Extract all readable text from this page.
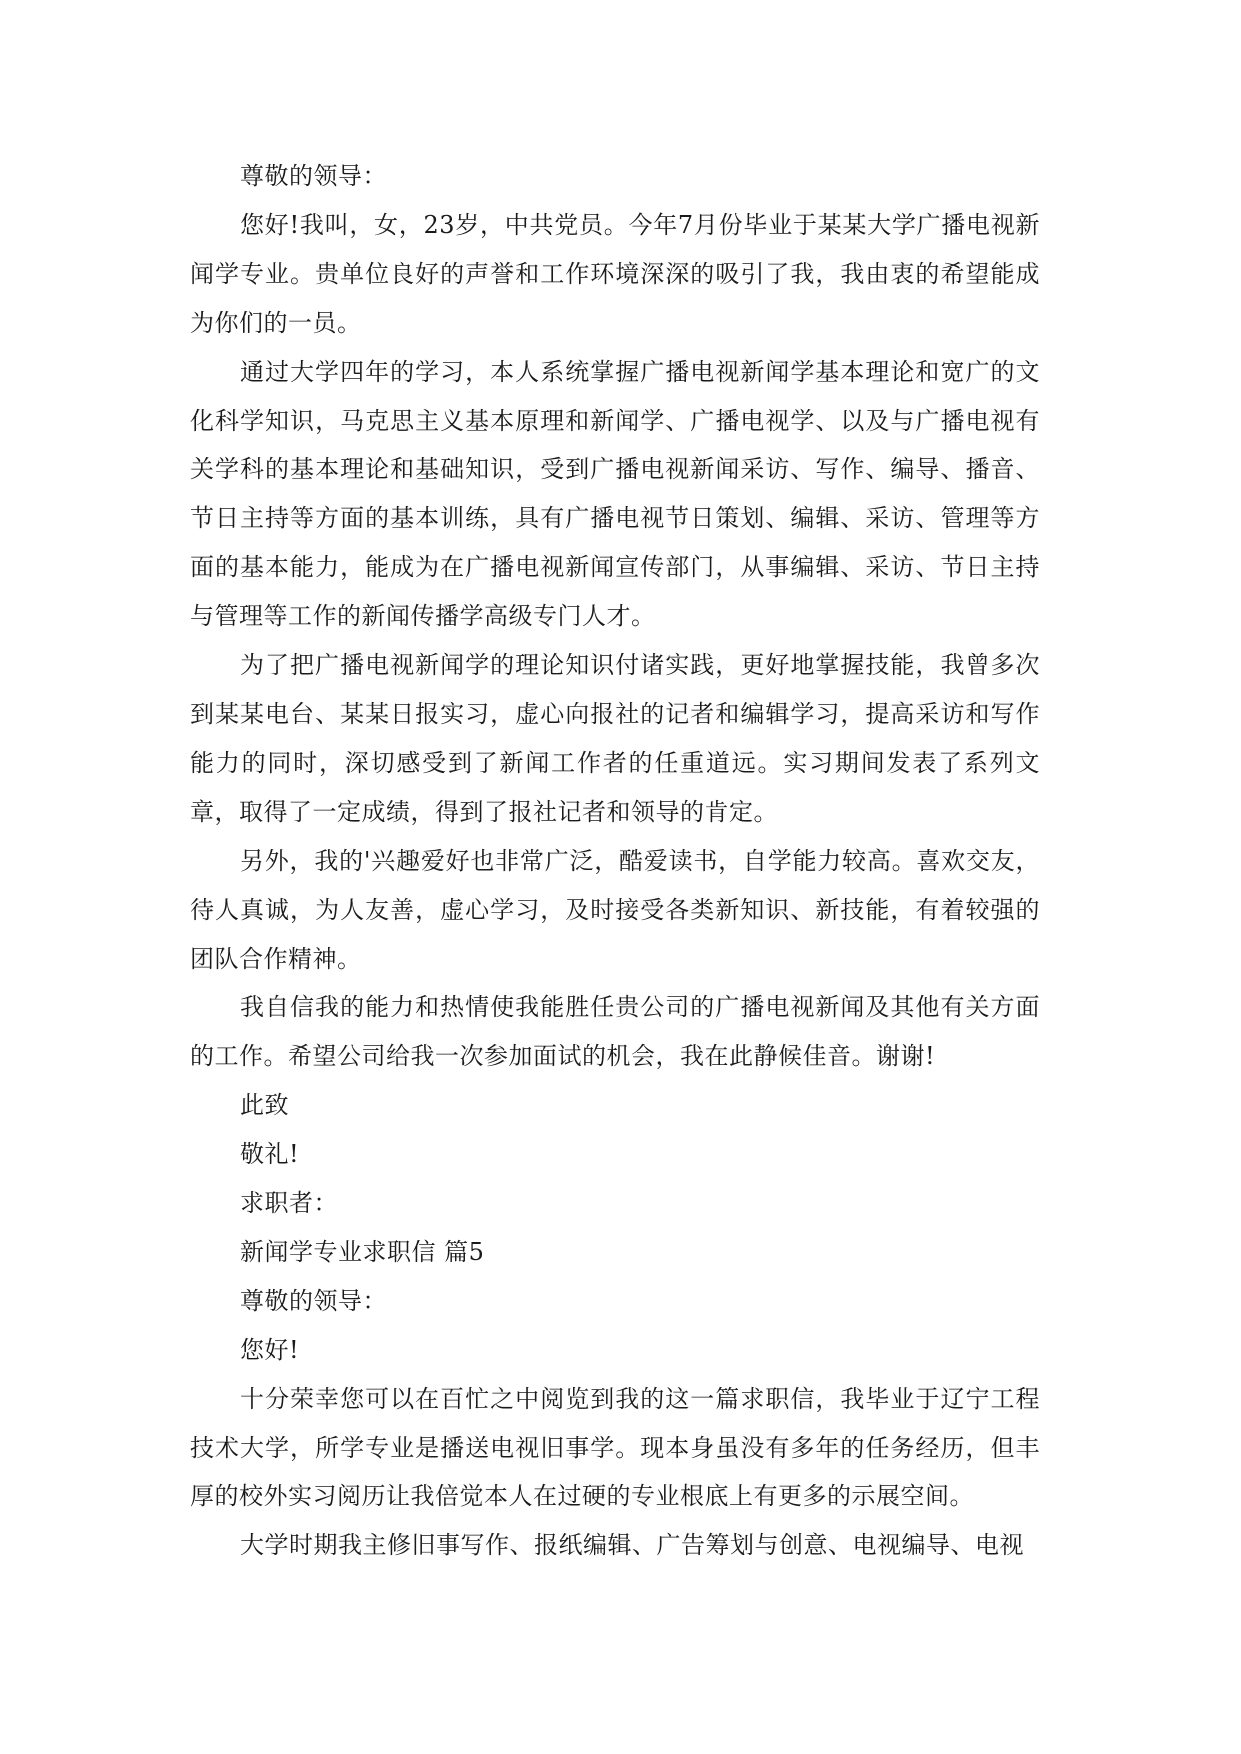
尊敬的领导：

您好!我叫，女，23岁，中共党员。今年7月份毕业于某某大学广播电视新闻学专业。贵单位良好的声誉和工作环境深深的吸引了我，我由衷的希望能成为你们的一员。

通过大学四年的学习，本人系统掌握广播电视新闻学基本理论和宽广的文化科学知识，马克思主义基本原理和新闻学、广播电视学、以及与广播电视有关学科的基本理论和基础知识，受到广播电视新闻采访、写作、编导、播音、节日主持等方面的基本训练，具有广播电视节日策划、编辑、采访、管理等方面的基本能力，能成为在广播电视新闻宣传部门，从事编辑、采访、节日主持与管理等工作的新闻传播学高级专门人才。

为了把广播电视新闻学的理论知识付诸实践，更好地掌握技能，我曾多次到某某电台、某某日报实习，虚心向报社的记者和编辑学习，提高采访和写作能力的同时，深切感受到了新闻工作者的任重道远。实习期间发表了系列文章，取得了一定成绩，得到了报社记者和领导的肯定。

另外，我的'兴趣爱好也非常广泛，酷爱读书，自学能力较高。喜欢交友，待人真诚，为人友善，虚心学习，及时接受各类新知识、新技能，有着较强的团队合作精神。

我自信我的能力和热情使我能胜任贵公司的广播电视新闻及其他有关方面的工作。希望公司给我一次参加面试的机会，我在此静候佳音。谢谢!

此致

敬礼!

求职者：

新闻学专业求职信 篇5

尊敬的领导：

您好!

十分荣幸您可以在百忙之中阅览到我的这一篇求职信，我毕业于辽宁工程技术大学，所学专业是播送电视旧事学。现本身虽没有多年的任务经历，但丰厚的校外实习阅历让我倍觉本人在过硬的专业根底上有更多的示展空间。

大学时期我主修旧事写作、报纸编辑、广告筹划与创意、电视编导、电视
